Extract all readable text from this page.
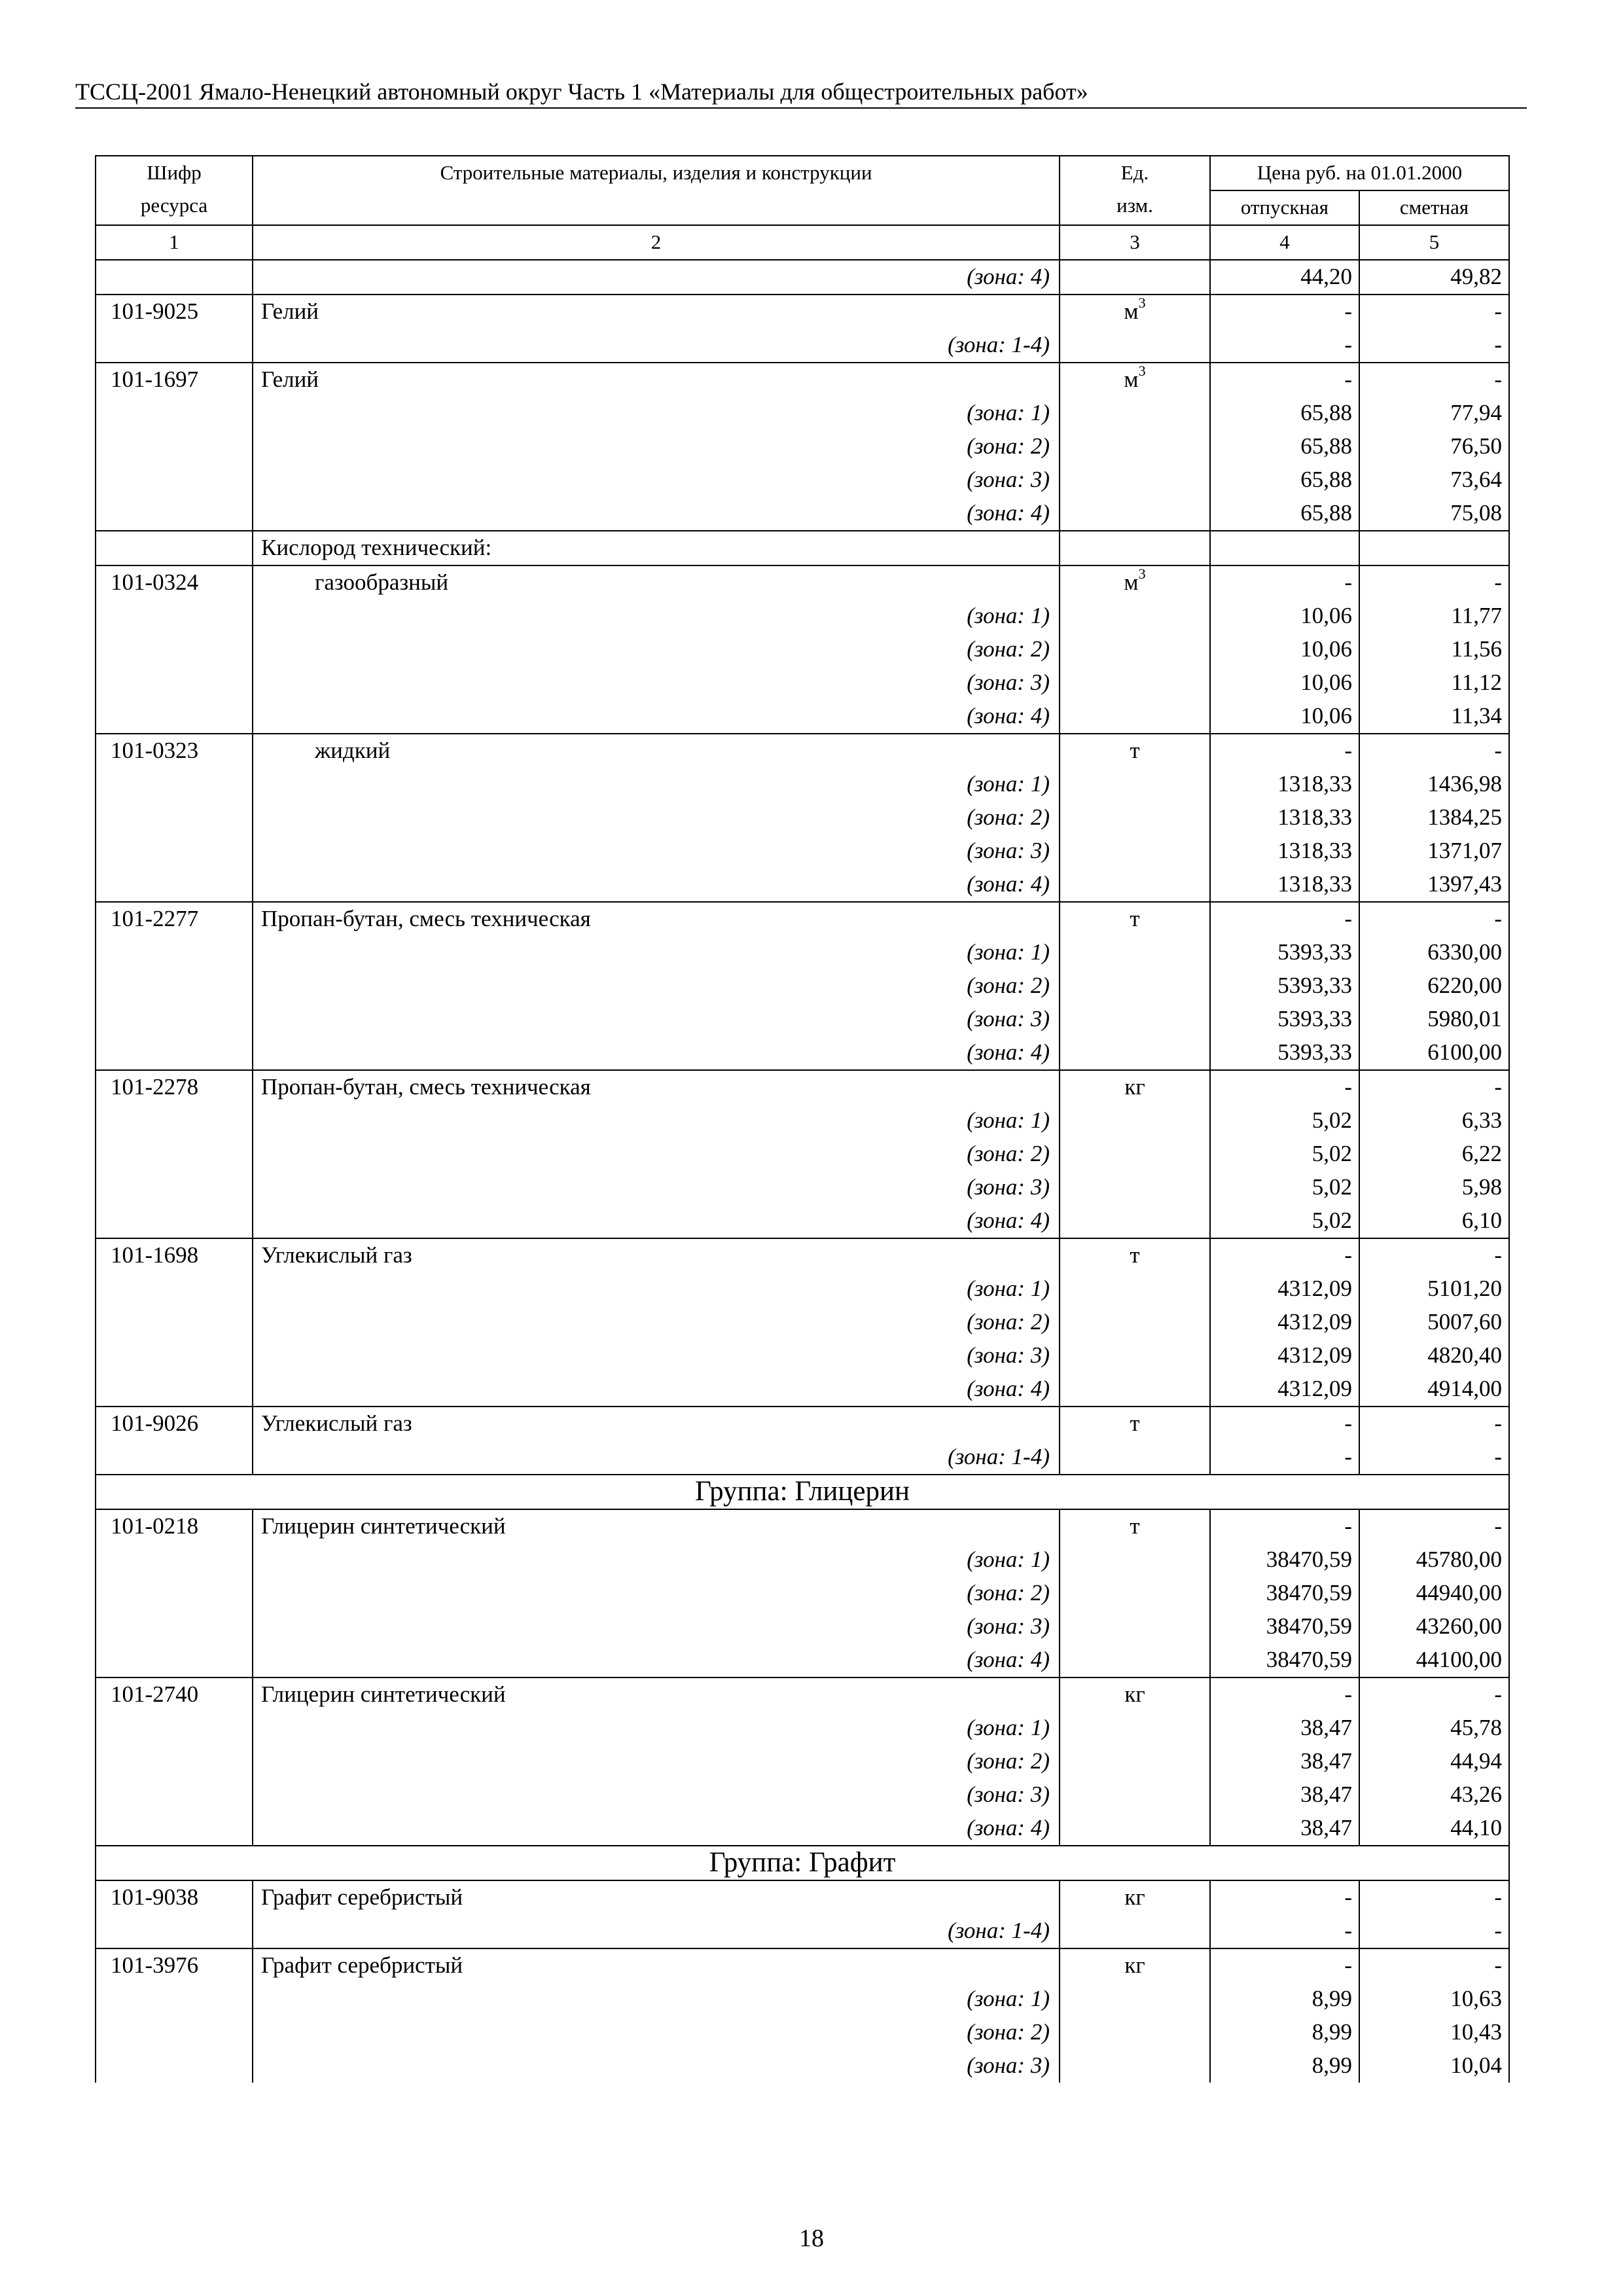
ТССЦ-2001 Ямало-Ненецкий автономный округ Часть 1 «Материалы для общестроительных работ»
Шифр ресурса	Строительные материалы, изделия и конструкции	Ед. изм.	Цена руб. на 01.01.2000	
			отпускная	сметная
1	2	3	4	5
	(зона: 4)		44,20	49,82
101-9025	Гелий	$м^3$	-	-
	(зона: 1-4)		-	-
101-1697	Гелий	$м^3$	-	-
	(зона: 1)		65,88	77,94
	(зона: 2)		65,88	76,50
	(зона: 3)		65,88	73,64
	(зона: 4)		65,88	75,08
	Кислород технический:			
101-0324	газообразный	$м^3$	-	-
	(зона: 1)		10,06	11,77
	(зона: 2)		10,06	11,56
	(зона: 3)		10,06	11,12
	(зона: 4)		10,06	11,34
101-0323	жидкий	т	-	-
	(зона: 1)		1318,33	1436,98
	(зона: 2)		1318,33	1384,25
	(зона: 3)		1318,33	1371,07
	(зона: 4)		1318,33	1397,43
101-2277	Пропан-бутан, смесь техническая	т	-	-
	(зона: 1)		5393,33	6330,00
	(зона: 2)		5393,33	6220,00
	(зона: 3)		5393,33	5980,01
	(зона: 4)		5393,33	6100,00
101-2278	Пропан-бутан, смесь техническая	кг	-	-
	(зона: 1)		5,02	6,33
	(зона: 2)		5,02	6,22
	(зона: 3)		5,02	5,98
	(зона: 4)		5,02	6,10
101-1698	Углекислый газ	т	-	-
	(зона: 1)		4312,09	5101,20
	(зона: 2)		4312,09	5007,60
	(зона: 3)		4312,09	4820,40
	(зона: 4)		4312,09	4914,00
101-9026	Углекислый газ	т	-	-
	(зона: 1-4)		-	-
Группа: Глицерин				
101-0218	Глицерин синтетический	т	-	-
	(зона: 1)		38470,59	45780,00
	(зона: 2)		38470,59	44940,00
	(зона: 3)		38470,59	43260,00
	(зона: 4)		38470,59	44100,00
101-2740	Глицерин синтетический	кг	-	-
	(зона: 1)		38,47	45,78
	(зона: 2)		38,47	44,94
	(зона: 3)		38,47	43,26
	(зона: 4)		38,47	44,10
Группа: Графит				
101-9038	Графит серебристый	кг	-	-
	(зона: 1-4)		-	-
101-3976	Графит серебристый	кг	-	-
	(зона: 1)		8,99	10,63
	(зона: 2)		8,99	10,43
	(зона: 3)		8,99	10,04
18
